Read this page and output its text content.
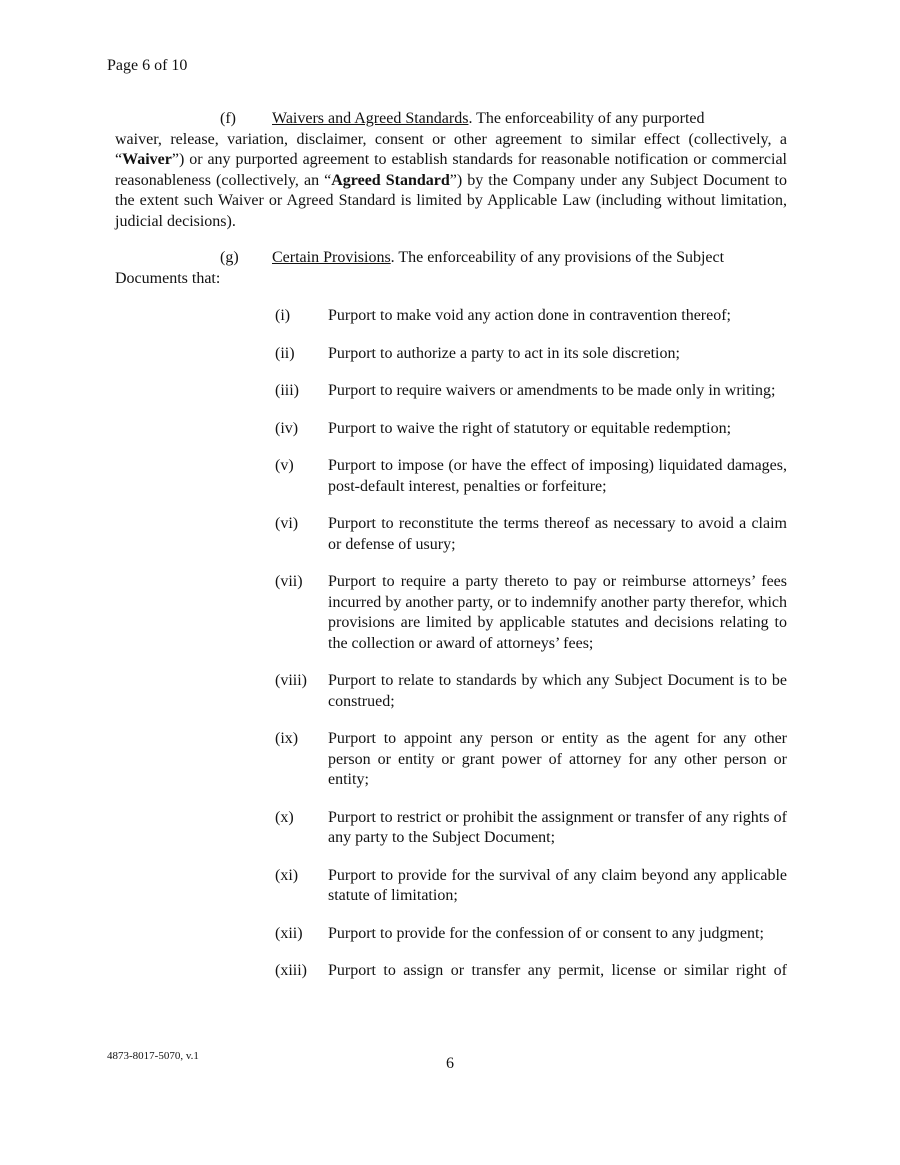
Page 6 of 10
(f) Waivers and Agreed Standards. The enforceability of any purported
waiver, release, variation, disclaimer, consent or other agreement to similar effect (collectively, a “Waiver”) or any purported agreement to establish standards for reasonable notification or commercial reasonableness (collectively, an “Agreed Standard”) by the Company under any Subject Document to the extent such Waiver or Agreed Standard is limited by Applicable Law (including without limitation, judicial decisions).
(g) Certain Provisions. The enforceability of any provisions of the Subject
Documents that:
(i)	Purport to make void any action done in contravention thereof;
(ii)	Purport to authorize a party to act in its sole discretion;
(iii)	Purport to require waivers or amendments to be made only in writing;
(iv)	Purport to waive the right of statutory or equitable redemption;
(v)	Purport to impose (or have the effect of imposing) liquidated damages, post-default interest, penalties or forfeiture;
(vi)	Purport to reconstitute the terms thereof as necessary to avoid a claim or defense of usury;
(vii)	Purport to require a party thereto to pay or reimburse attorneys’ fees incurred by another party, or to indemnify another party therefor, which provisions are limited by applicable statutes and decisions relating to the collection or award of attorneys’ fees;
(viii)	Purport to relate to standards by which any Subject Document is to be construed;
(ix)	Purport to appoint any person or entity as the agent for any other person or entity or grant power of attorney for any other person or entity;
(x)	Purport to restrict or prohibit the assignment or transfer of any rights of any party to the Subject Document;
(xi)	Purport to provide for the survival of any claim beyond any applicable statute of limitation;
(xii)	Purport to provide for the confession of or consent to any judgment;
(xiii)	Purport to assign or transfer any permit, license or similar right of
4873-8017-5070, v.1	6
